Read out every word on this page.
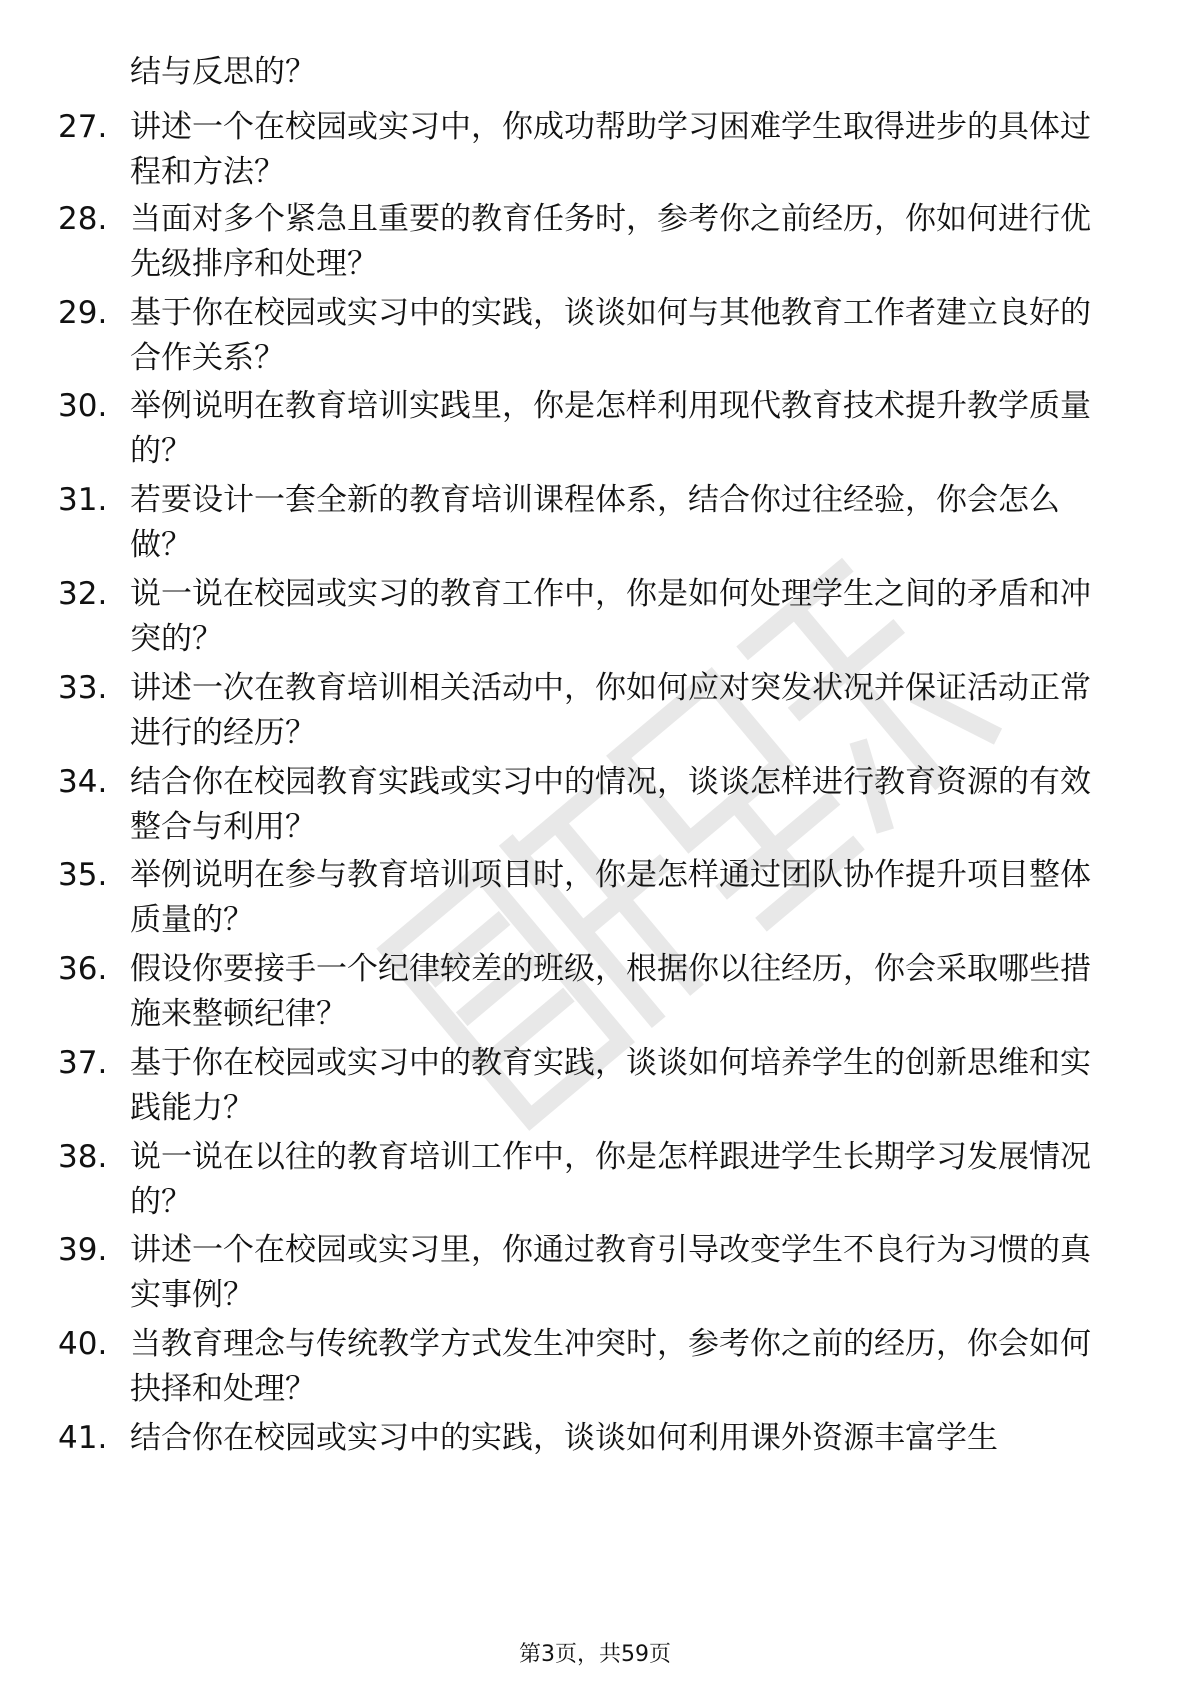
结与反思的？
27. 讲述一个在校园或实习中，你成功帮助学习困难学生取得进步的具体过程和方法？
28. 当面对多个紧急且重要的教育任务时，参考你之前经历，你如何进行优先级排序和处理？
29. 基于你在校园或实习中的实践，谈谈如何与其他教育工作者建立良好的合作关系？
30. 举例说明在教育培训实践里，你是怎样利用现代教育技术提升教学质量的？
31. 若要设计一套全新的教育培训课程体系，结合你过往经验，你会怎么做？
32. 说一说在校园或实习的教育工作中，你是如何处理学生之间的矛盾和冲突的？
33. 讲述一次在教育培训相关活动中，你如何应对突发状况并保证活动正常进行的经历？
34. 结合你在校园教育实践或实习中的情况，谈谈怎样进行教育资源的有效整合与利用？
35. 举例说明在参与教育培训项目时，你是怎样通过团队协作提升项目整体质量的？
36. 假设你要接手一个纪律较差的班级，根据你以往经历，你会采取哪些措施来整顿纪律？
37. 基于你在校园或实习中的教育实践，谈谈如何培养学生的创新思维和实践能力？
38. 说一说在以往的教育培训工作中，你是怎样跟进学生长期学习发展情况的？
39. 讲述一个在校园或实习里，你通过教育引导改变学生不良行为习惯的真实事例？
40. 当教育理念与传统教学方式发生冲突时，参考你之前的经历，你会如何抉择和处理？
41. 结合你在校园或实习中的实践，谈谈如何利用课外资源丰富学生
第3页，共59页
